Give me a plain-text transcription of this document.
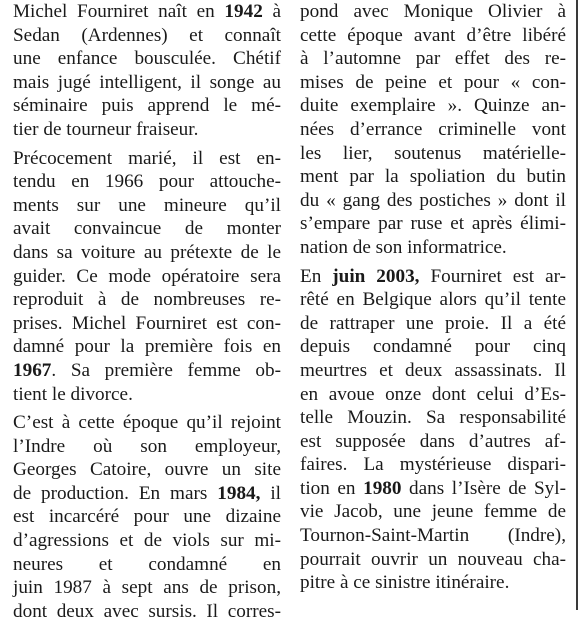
Michel Fourniret naît en 1942 à
Sedan (Ardennes) et connaît
une enfance bousculée. Chétif
mais jugé intelligent, il songe au
séminaire puis apprend le mé-
tier de tourneur fraiseur.
Précocement marié, il est en-
tendu en 1966 pour attouche-
ments sur une mineure qu’il
avait convaincue de monter
dans sa voiture au prétexte de le
guider. Ce mode opératoire sera
reproduit à de nombreuses re-
prises. Michel Fourniret est con-
damné pour la première fois en
1967. Sa première femme ob-
tient le divorce.
C’est à cette époque qu’il rejoint
l’Indre où son employeur,
Georges Catoire, ouvre un site
de production. En mars 1984, il
est incarcéré pour une dizaine
d’agressions et de viols sur mi-
neures et condamné en
juin 1987 à sept ans de prison,
dont deux avec sursis. Il corres-
pond avec Monique Olivier à
cette époque avant d’être libéré
à l’automne par effet des re-
mises de peine et pour « con-
duite exemplaire ». Quinze an-
nées d’errance criminelle vont
les lier, soutenus matérielle-
ment par la spoliation du butin
du « gang des postiches » dont il
s’empare par ruse et après élimi-
nation de son informatrice.
En juin 2003, Fourniret est ar-
rêté en Belgique alors qu’il tente
de rattraper une proie. Il a été
depuis condamné pour cinq
meurtres et deux assassinats. Il
en avoue onze dont celui d’Es-
telle Mouzin. Sa responsabilité
est supposée dans d’autres af-
faires. La mystérieuse dispari-
tion en 1980 dans l’Isère de Syl-
vie Jacob, une jeune femme de
Tournon-Saint-Martin (Indre),
pourrait ouvrir un nouveau cha-
pitre à ce sinistre itinéraire.
